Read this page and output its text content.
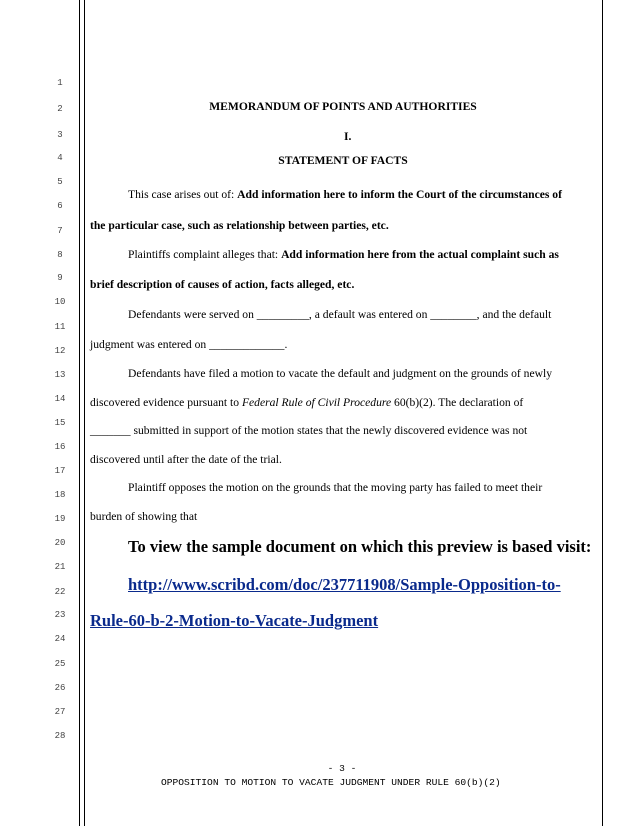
1
2
3
4
5
6
7
8
9
10
11
12
13
14
15
16
17
18
19
20
21
22
23
24
25
26
27
28
MEMORANDUM OF POINTS AND AUTHORITIES
I.
STATEMENT OF FACTS
This case arises out of: Add information here to inform the Court of the circumstances of
the particular case, such as relationship between parties, etc.
Plaintiffs complaint alleges that: Add information here from the actual complaint such as
brief description of causes of action, facts alleged, etc.
Defendants were served on _________, a default was entered on ________, and the default
judgment was entered on _____________.
Defendants have filed a motion to vacate the default and judgment on the grounds of newly
discovered evidence pursuant to Federal Rule of Civil Procedure 60(b)(2). The declaration of
_______ submitted in support of the motion states that the newly discovered evidence was not
discovered until after the date of the trial.
Plaintiff opposes the motion on the grounds that the moving party has failed to meet their
burden of showing that
To view the sample document on which this preview is based visit:
http://www.scribd.com/doc/237711908/Sample-Opposition-to-
Rule-60-b-2-Motion-to-Vacate-Judgment
- 3 -
OPPOSITION TO MOTION TO VACATE JUDGMENT UNDER RULE 60(b)(2)
